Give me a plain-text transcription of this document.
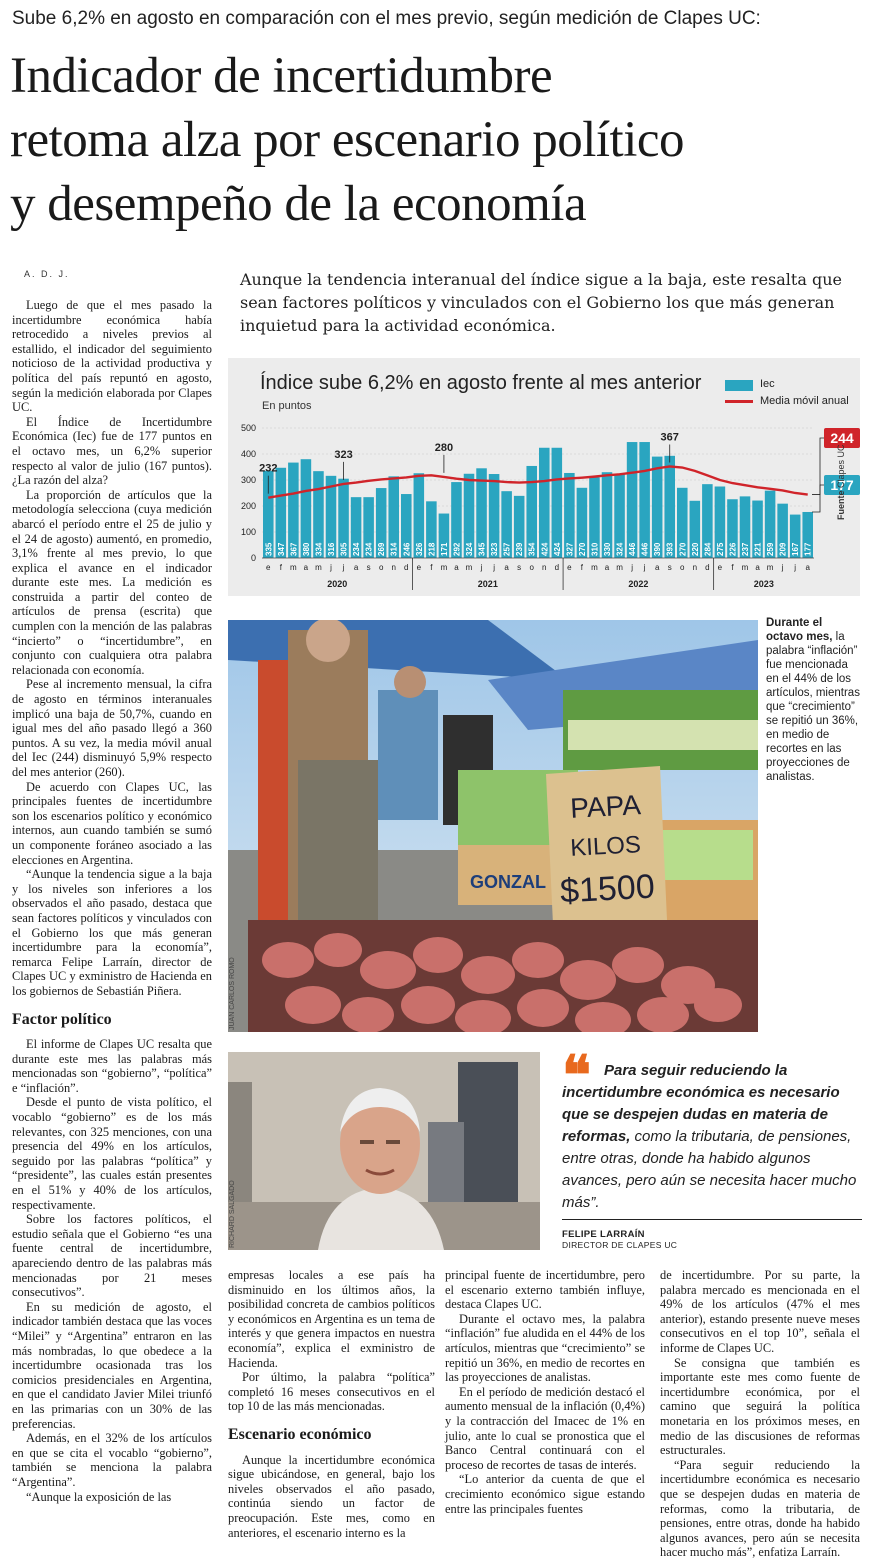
Sube 6,2% en agosto en comparación con el mes previo, según medición de Clapes UC:
Indicador de incertidumbre
retoma alza por escenario político
y desempeño de la economía
A. D. J.	Aunque la tendencia interanual del índice sigue a la baja, este resalta que sean factores políticos y vinculados con el Gobierno los que más generan inquietud para la actividad económica.

Luego de que el mes pasado la incertidumbre económica había retrocedido a niveles previos al estallido, el indicador del seguimiento noticioso de la actividad productiva y política del país repuntó en agosto, según la medición elaborada por Clapes UC.

El Índice de Incertidumbre Económica (Iec) fue de 177 puntos en el octavo mes, un 6,2% superior respecto al valor de julio (167 puntos). ¿La razón del alza?

La proporción de artículos que la metodología selecciona (cuya medición abarcó el período entre el 25 de julio y el 24 de agosto) aumentó, en promedio, 3,1% frente al mes previo, lo que explica el avance en el indicador durante este mes. La medición es construida a partir del conteo de artículos de prensa (escrita) que cumplen con la mención de las palabras “incierto” o “incertidumbre”, en conjunto con cualquiera otra palabra relacionada con economía.

Pese al incremento mensual, la cifra de agosto en términos interanuales implicó una baja de 50,7%, cuando en igual mes del año pasado llegó a 360 puntos. A su vez, la media móvil anual del Iec (244) disminuyó 5,9% respecto del mes anterior (260).

De acuerdo con Clapes UC, las principales fuentes de incertidumbre son los escenarios político y económico internos, aun cuando también se sumó un componente foráneo asociado a las elecciones en Argentina.

“Aunque la tendencia sigue a la baja y los niveles son inferiores a los observados el año pasado, destaca que sean factores políticos y vinculados con el Gobierno los que más generan incertidumbre para la economía”, remarca Felipe Larraín, director de Clapes UC y exministro de Hacienda en los gobiernos de Sebastián Piñera.

Factor político

El informe de Clapes UC resalta que durante este mes las palabras más mencionadas son “gobierno”, “política” e “inflación”.

Desde el punto de vista político, el vocablo “gobierno” es de los más relevantes, con 325 menciones, con una presencia del 49% en los artículos, seguido por las palabras “política” y “presidente”, las cuales están presentes en el 51% y 40% de los artículos, respectivamente.

Sobre los factores políticos, el estudio señala que el Gobierno “es una fuente central de incertidumbre, apareciendo dentro de las palabras más mencionadas por 21 meses consecutivos”.

En su medición de agosto, el indicador también destaca que las voces “Milei” y “Argentina” entraron en las más nombradas, lo que obedece a la incertidumbre ocasionada tras los comicios presidenciales en Argentina, en que el candidato Javier Milei triunfó en las primarias con un 30% de las preferencias.

Además, en el 32% de los artículos en que se cita el vocablo “gobierno”, también se menciona la palabra “Argentina”.

“Aunque la exposición de las

Índice sube 6,2% en agosto frente al mes anterior
En puntos
Iec
Media móvil anual
0
100
200
300
400
500
335
e
347
f
367
m
380
a
334
m
316
j
305
j
234
a
234
s
269
o
314
n
246
d
326
e
218
f
171
m
292
a
324
m
345
j
323
j
257
a
239
s
354
o
424
n
424
d
327
e
270
f
310
m
330
a
324
m
446
j
446
j
390
a
393
s
270
o
220
n
284
d
275
e
226
f
237
m
221
a
259
m
209
j
167
j
177
a
2020	2021	2022	2023
232
323
280
367	244
177
Fuente Clapes UC
GONZAL
PAPA
KILOS
$1500
JUAN CARLOS ROMO
Durante el octavo mes, la palabra “inflación” fue mencionada en el 44% de los artículos, mientras que “crecimiento” se repitió un 36%, en medio de recortes en las proyecciones de analistas.
RICHARD SALGADO
❝ Para seguir reduciendo la incertidumbre económica es necesario que se despejen dudas en materia de reformas, como la tributaria, de pensiones, entre otras, donde ha habido algunos avances, pero aún se necesita hacer mucho más”.
FELIPE LARRAÍN
DIRECTOR DE CLAPES UC

empresas locales a ese país ha disminuido en los últimos años, la posibilidad concreta de cambios políticos y económicos en Argentina es un tema de interés y que genera impactos en nuestra economía”, explica el exministro de Hacienda.

Por último, la palabra “política” completó 16 meses consecutivos en el top 10 de las más mencionadas.

Escenario económico

Aunque la incertidumbre económica sigue ubicándose, en general, bajo los niveles observados el año pasado, continúa siendo un factor de preocupación. Este mes, como en anteriores, el escenario interno es la

principal fuente de incertidumbre, pero el escenario externo también influye, destaca Clapes UC.

Durante el octavo mes, la palabra “inflación” fue aludida en el 44% de los artículos, mientras que “crecimiento” se repitió un 36%, en medio de recortes en las proyecciones de analistas.

En el período de medición destacó el aumento mensual de la inflación (0,4%) y la contracción del Imacec de 1% en julio, ante lo cual se pronostica que el Banco Central continuará con el proceso de recortes de tasas de interés.

“Lo anterior da cuenta de que el crecimiento económico sigue estando entre las principales fuentes

de incertidumbre. Por su parte, la palabra mercado es mencionada en el 49% de los artículos (47% el mes anterior), estando presente nueve meses consecutivos en el top 10”, señala el informe de Clapes UC.

Se consigna que también es importante este mes como fuente de incertidumbre económica, por el camino que seguirá la política monetaria en los próximos meses, en medio de las discusiones de reformas estructurales.

“Para seguir reduciendo la incertidumbre económica es necesario que se despejen dudas en materia de reformas, como la tributaria, de pensiones, entre otras, donde ha habido algunos avances, pero aún se necesita hacer mucho más”, enfatiza Larraín.
